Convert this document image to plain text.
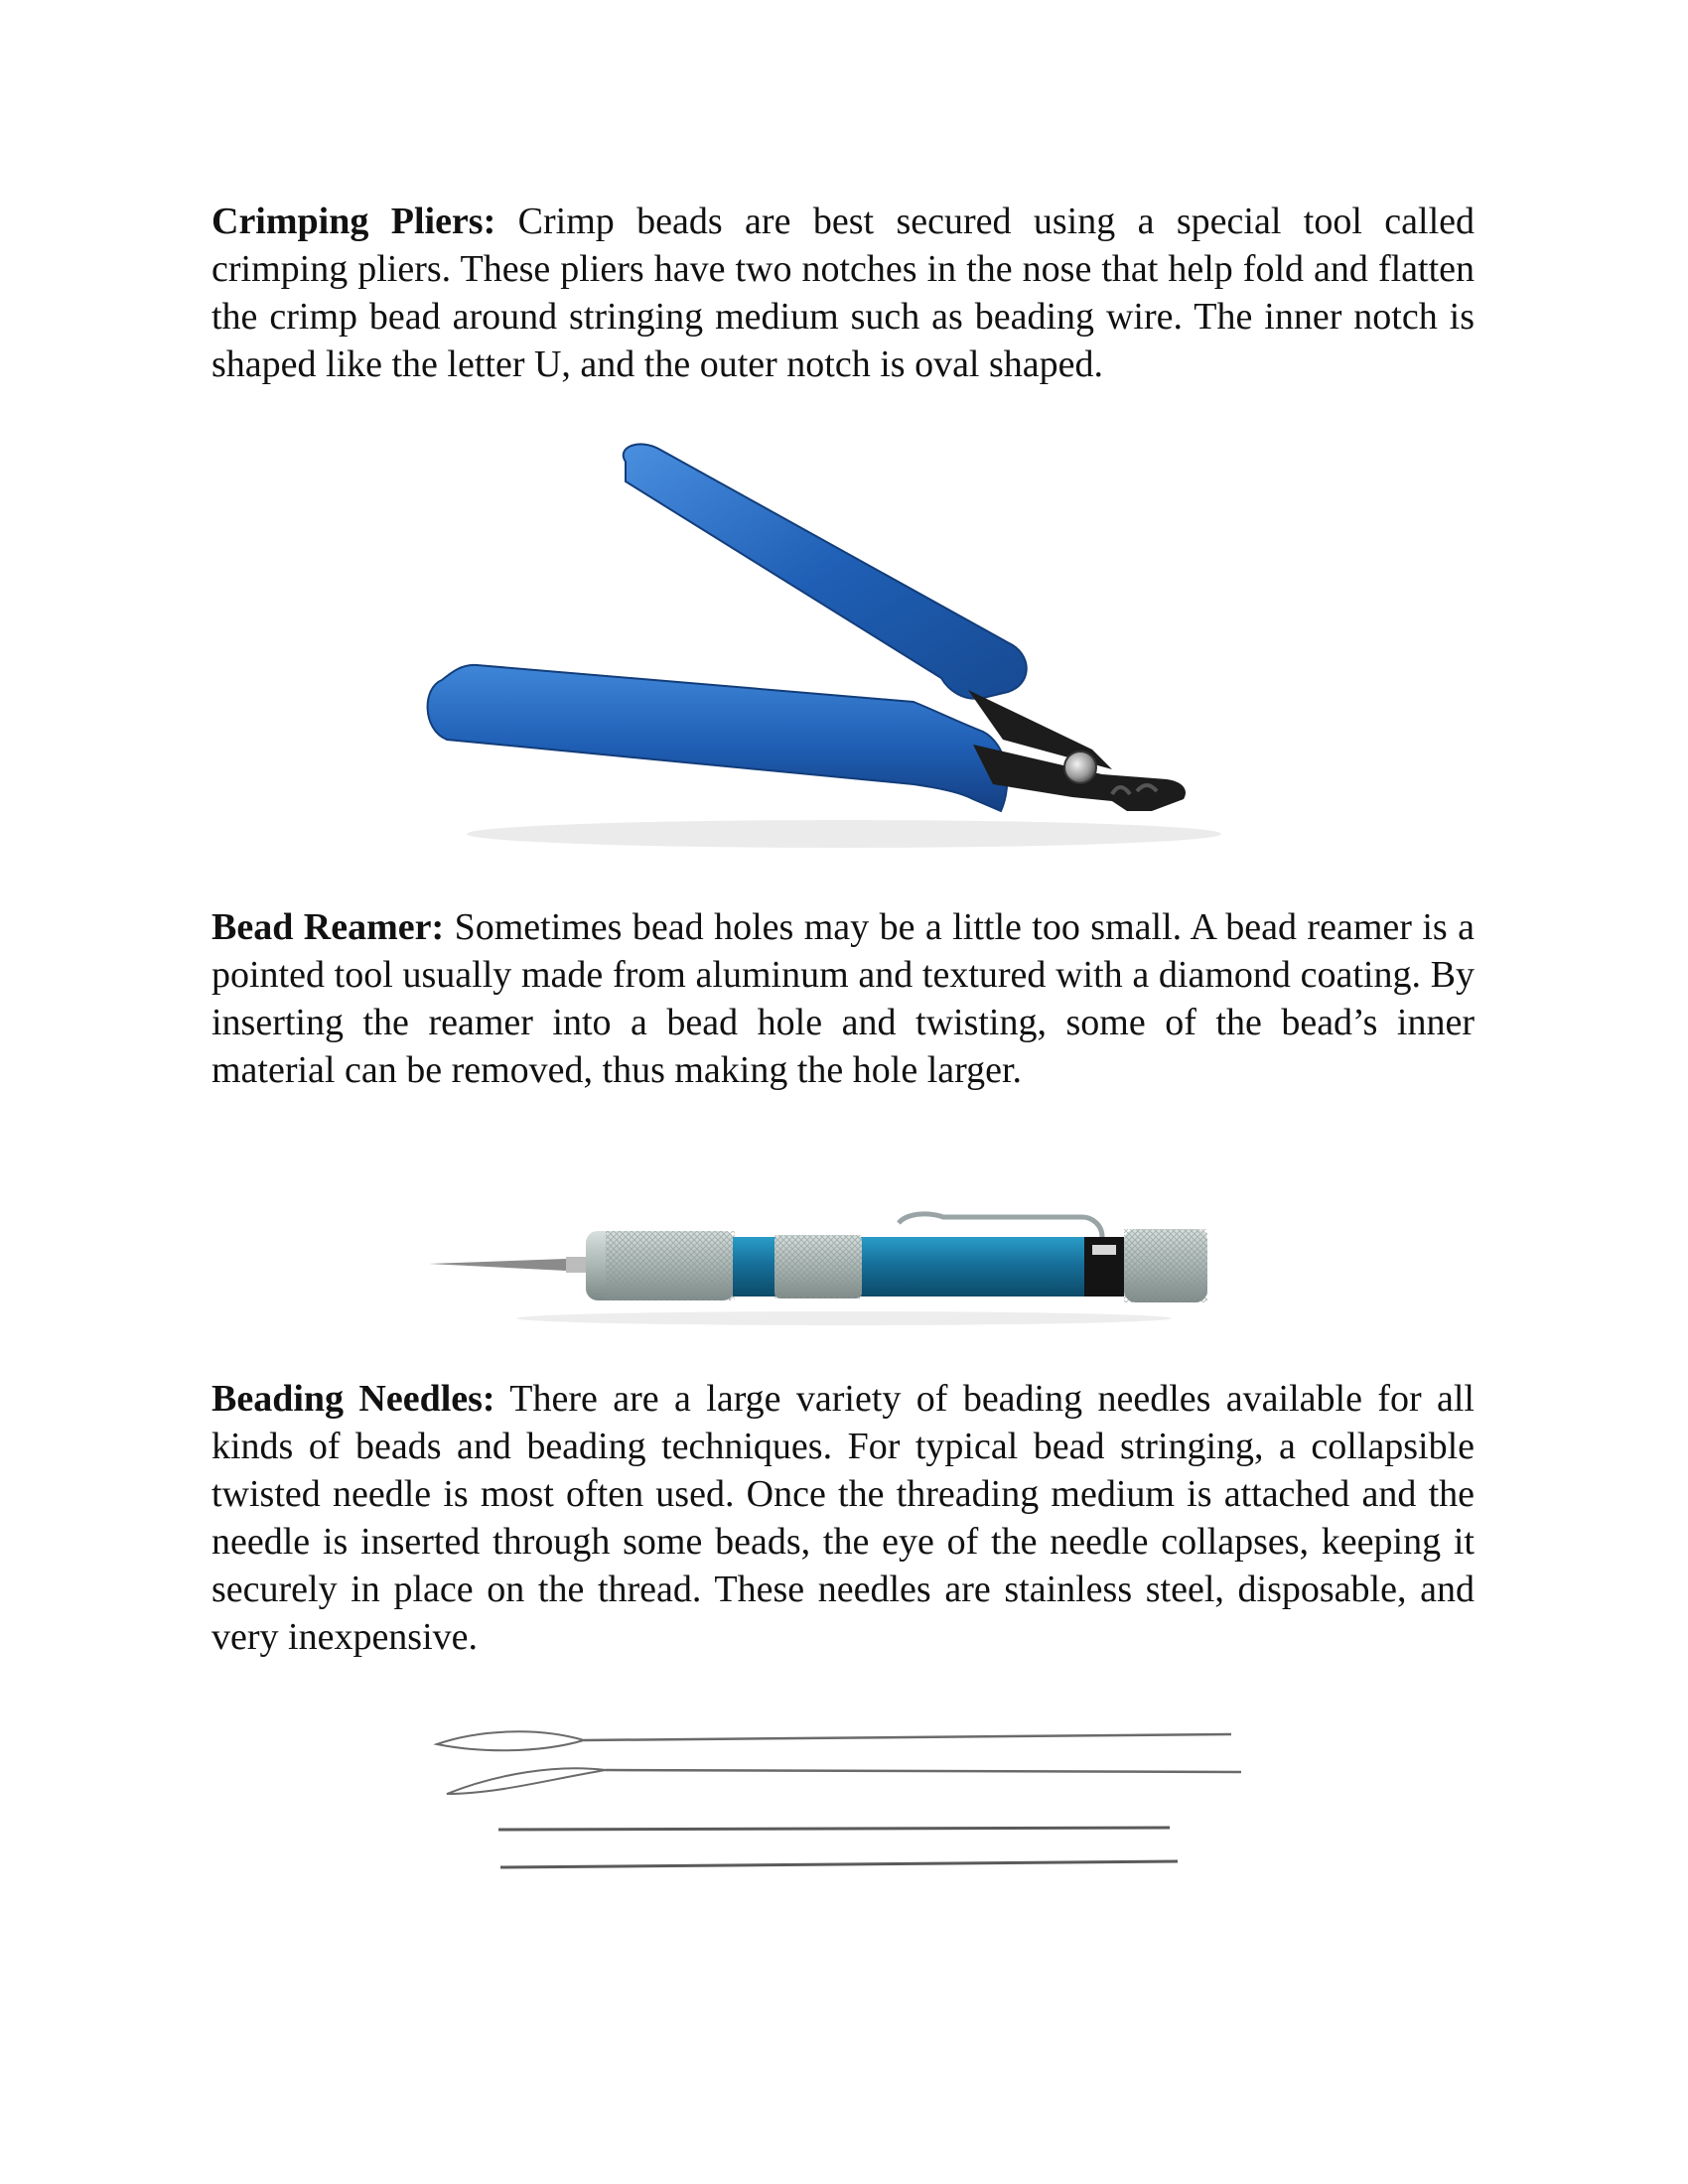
Crimping Pliers: Crimp beads are best secured using a special tool called crimping pliers. These pliers have two notches in the nose that help fold and flatten the crimp bead around stringing medium such as beading wire. The inner notch is shaped like the letter U, and the outer notch is oval shaped.

Bead Reamer: Sometimes bead holes may be a little too small. A bead reamer is a pointed tool usually made from aluminum and textured with a diamond coating. By inserting the reamer into a bead hole and twisting, some of the bead’s inner material can be removed, thus making the hole larger.

Beading Needles: There are a large variety of beading needles available for all kinds of beads and beading techniques. For typical bead stringing, a collapsible twisted needle is most often used. Once the threading medium is attached and the needle is inserted through some beads, the eye of the needle collapses, keeping it securely in place on the thread. These needles are stainless steel, disposable, and very inexpensive.
